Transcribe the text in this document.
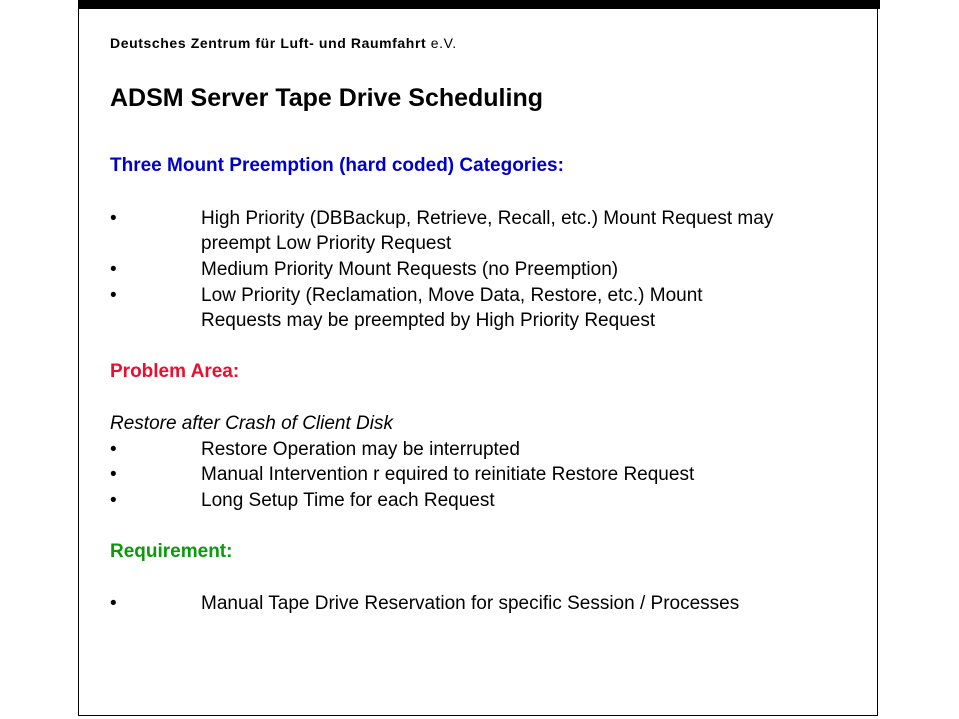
Deutsches Zentrum für Luft- und Raumfahrt e.V.
ADSM Server Tape Drive Scheduling
Three Mount Preemption (hard coded) Categories:
•	High Priority (DBBackup, Retrieve, Recall, etc.) Mount Request may
preempt Low Priority Request
•	Medium Priority Mount Requests (no Preemption)
•	Low Priority (Reclamation, Move Data, Restore, etc.) Mount
Requests may be preempted by High Priority Request
Problem Area:
Restore after Crash of Client Disk
•	Restore Operation may be interrupted
•	Manual Intervention r equired to reinitiate Restore Request
•	Long Setup Time for each Request
Requirement:
•	Manual Tape Drive Reservation for specific Session / Processes
